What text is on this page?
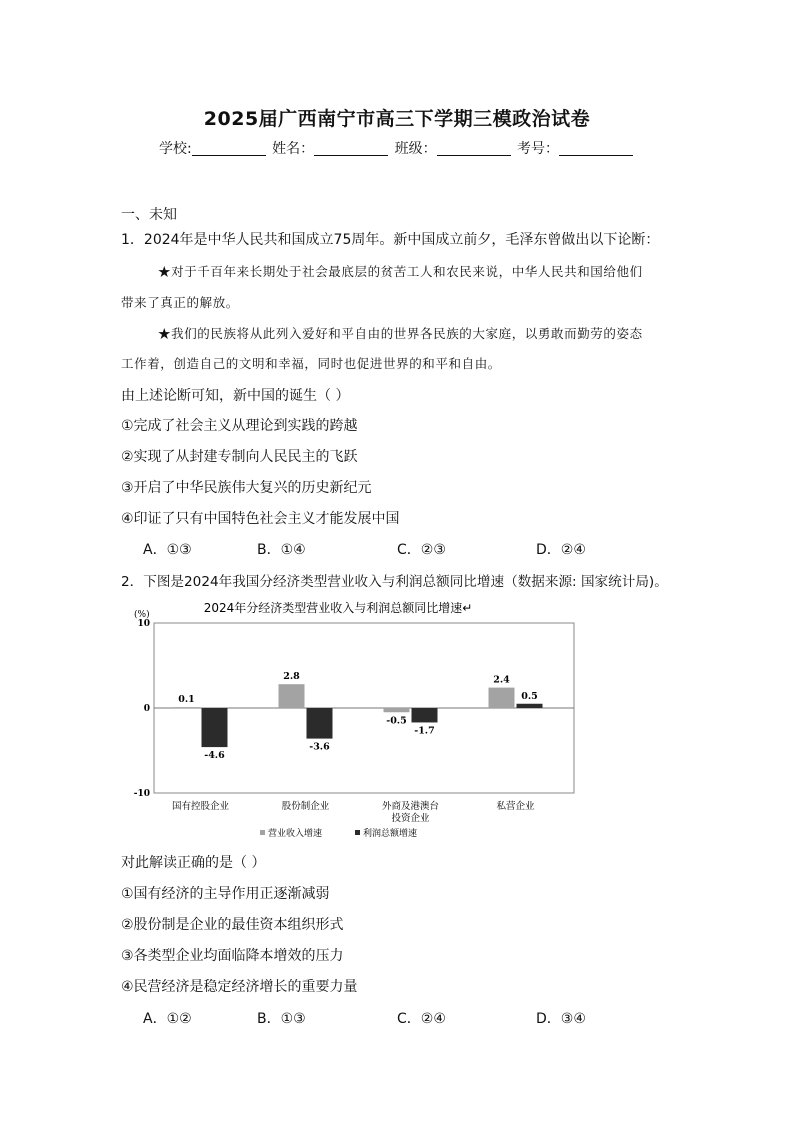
2025届广西南宁市高三下学期三模政治试卷
学校:	姓名：	班级：	考号：
一、未知
1．2024年是中华人民共和国成立75周年。新中国成立前夕，毛泽东曾做出以下论断：
★对于千百年来长期处于社会最底层的贫苦工人和农民来说，中华人民共和国给他们
带来了真正的解放。
★我们的民族将从此列入爱好和平自由的世界各民族的大家庭，以勇敢而勤劳的姿态
工作着，创造自己的文明和幸福，同时也促进世界的和平和自由。
由上述论断可知，新中国的诞生（ ）
①完成了社会主义从理论到实践的跨越
②实现了从封建专制向人民民主的飞跃
③开启了中华民族伟大复兴的历史新纪元
④印证了只有中国特色社会主义才能发展中国
A．①③	B．①④	C．②③	D．②④
2．下图是2024年我国分经济类型营业收入与利润总额同比增速（数据来源: 国家统计局)。
2024年分经济类型营业收入与利润总额同比增速↵
(%)
10
0
-10
0.1
-4.6
国有控股企业
2.8
-3.6
股份制企业
-0.5
-1.7
外商及港澳台
投资企业
2.4
0.5
私营企业
营业收入增速	利润总额增速
对此解读正确的是（ ）
①国有经济的主导作用正逐渐减弱
②股份制是企业的最佳资本组织形式
③各类型企业均面临降本增效的压力
④民营经济是稳定经济增长的重要力量
A．①②	B．①③	C．②④	D．③④
